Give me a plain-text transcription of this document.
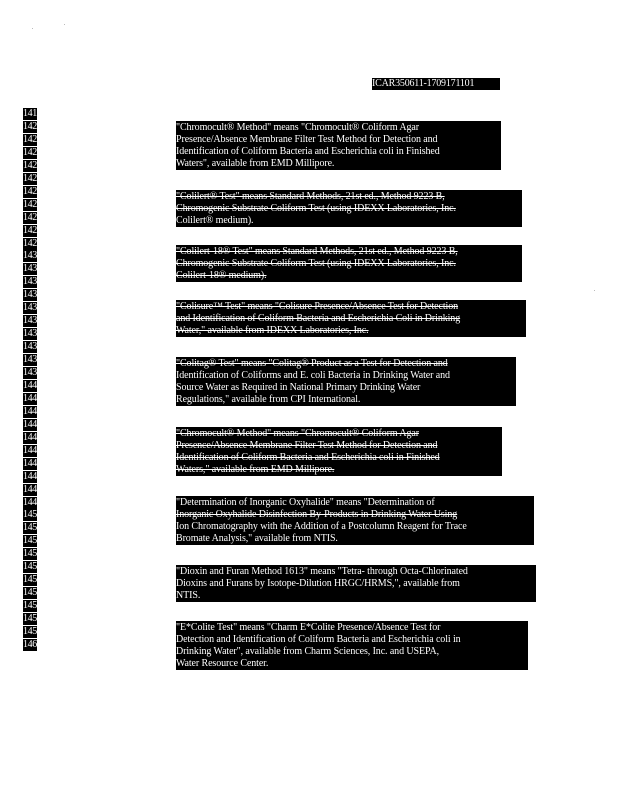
ICAR350611-1709171101
1419
1420
1421
1422
1423
1424
1425
1426
1427
1428
1429
1430
1431
1432
1433
1434
1435
1436
1437
1438
1439
1440
1441
1442
1443
1444
1445
1446
1447
1448
1449
1450
1451
1452
1453
1454
1455
1456
1457
1458
1459
1460
"Chromocult® Method" means "Chromocult® Coliform Agar
Presence/Absence Membrane Filter Test Method for Detection and
Identification of Coliform Bacteria and Escherichia coli in Finished
Waters", available from EMD Millipore.
"Colilert® Test" means Standard Methods, 21st ed., Method 9223 B,
Chromogenic Substrate Coliform Test (using IDEXX Laboratories, Inc.
Colilert® medium).
"Colilert-18® Test" means Standard Methods, 21st ed., Method 9223 B,
Chromogenic Substrate Coliform Test (using IDEXX Laboratories, Inc.
Colilert-18® medium).
"Colisure™ Test" means "Colisure Presence/Absence Test for Detection
and Identification of Coliform Bacteria and Escherichia Coli in Drinking
Water," available from IDEXX Laboratories, Inc.
"Colitag® Test" means "Colitag® Product as a Test for Detection and
Identification of Coliforms and E. coli Bacteria in Drinking Water and
Source Water as Required in National Primary Drinking Water
Regulations," available from CPI International.
"Chromocult® Method" means "Chromocult® Coliform Agar
Presence/Absence Membrane Filter Test Method for Detection and
Identification of Coliform Bacteria and Escherichia coli in Finished
Waters," available from EMD Millipore.
"Determination of Inorganic Oxyhalide" means "Determination of
Inorganic Oxyhalide Disinfection By-Products in Drinking Water Using
Ion Chromatography with the Addition of a Postcolumn Reagent for Trace
Bromate Analysis," available from NTIS.
"Dioxin and Furan Method 1613" means "Tetra- through Octa-Chlorinated
Dioxins and Furans by Isotope-Dilution HRGC/HRMS,", available from
NTIS.
"E*Colite Test" means "Charm E*Colite Presence/Absence Test for
Detection and Identification of Coliform Bacteria and Escherichia coli in
Drinking Water", available from Charm Sciences, Inc. and USEPA,
Water Resource Center.
